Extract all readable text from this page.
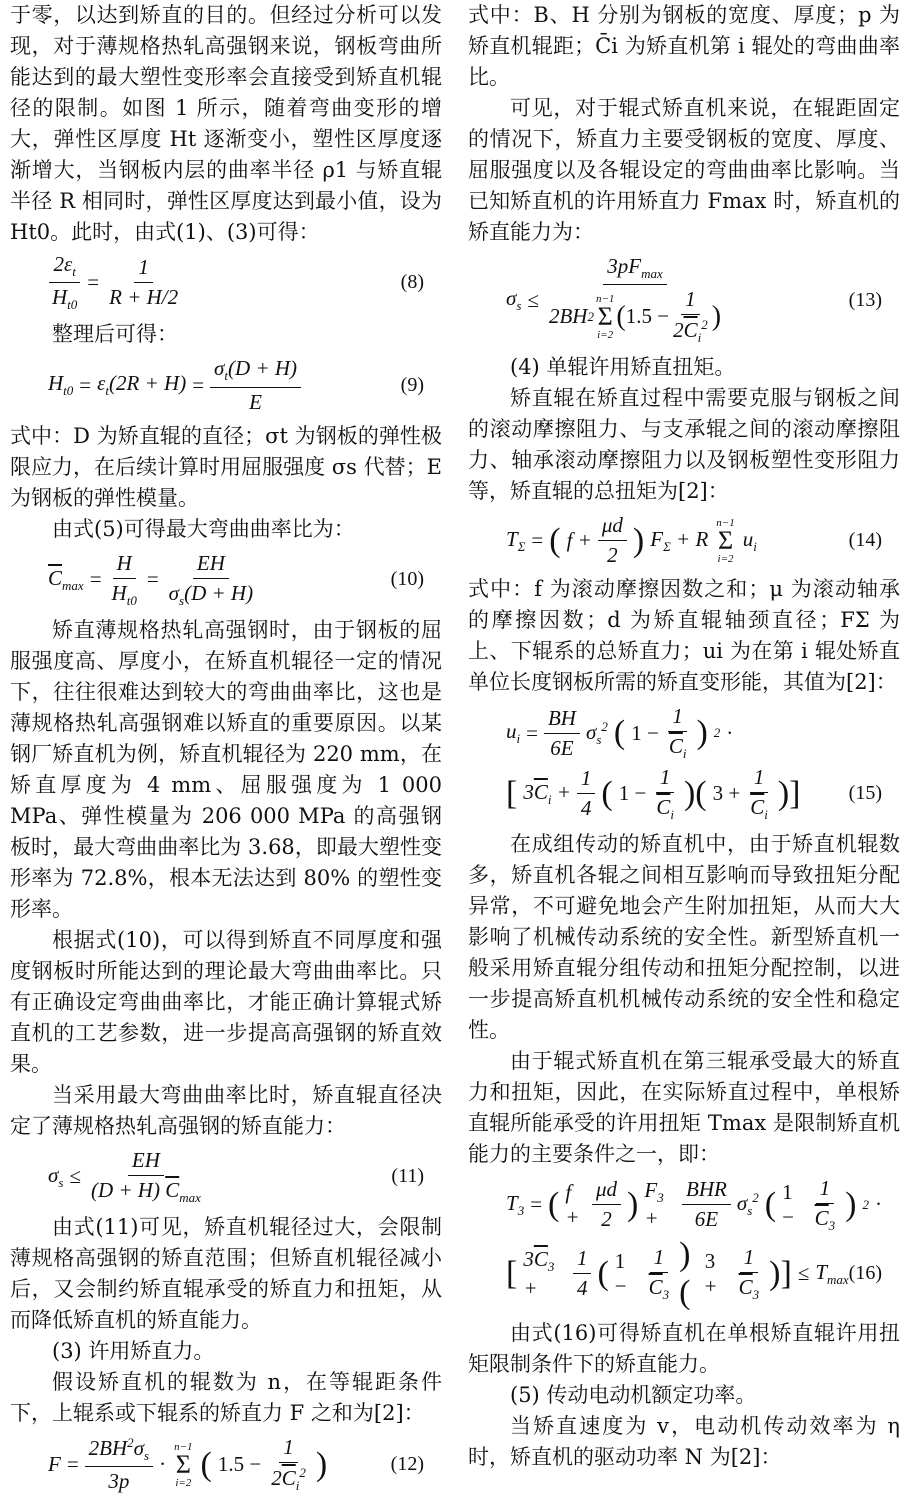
于零，以达到矫直的目的。但经过分析可以发现，对于薄规格热轧高强钢来说，钢板弯曲所能达到的最大塑性变形率会直接受到矫直机辊径的限制。如图 1 所示，随着弯曲变形的增大，弹性区厚度 Ht 逐渐变小，塑性区厚度逐渐增大，当钢板内层的曲率半径 ρ1 与矫直辊半径 R 相同时，弹性区厚度达到最小值，设为 Ht0。此时，由式(1)、(3)可得：

$\frac{2\varepsilon_t}{H_{t0}} = \frac{1}{R + H/2}$	(8)

整理后可得：

$H_{t0} = \varepsilon_t(2R + H) = \frac{\sigma_t(D + H)}{E}$	(9)

式中：D 为矫直辊的直径；σt 为钢板的弹性极限应力，在后续计算时用屈服强度 σs 代替；E 为钢板的弹性模量。

由式(5)可得最大弯曲曲率比为：

$\overline{C}_{max} = \frac{H}{H_{t0}} = \frac{EH}{\sigma_s(D + H)}$	(10)

矫直薄规格热轧高强钢时，由于钢板的屈服强度高、厚度小，在矫直机辊径一定的情况下，往往很难达到较大的弯曲曲率比，这也是薄规格热轧高强钢难以矫直的重要原因。以某钢厂矫直机为例，矫直机辊径为 220 mm，在矫直厚度为 4 mm、屈服强度为 1 000 MPa、弹性模量为 206 000 MPa 的高强钢板时，最大弯曲曲率比为 3.68，即最大塑性变形率为 72.8%，根本无法达到 80% 的塑性变形率。

根据式(10)，可以得到矫直不同厚度和强度钢板时所能达到的理论最大弯曲曲率比。只有正确设定弯曲曲率比，才能正确计算辊式矫直机的工艺参数，进一步提高高强钢的矫直效果。

当采用最大弯曲曲率比时，矫直辊直径决定了薄规格热轧高强钢的矫直能力：

$\sigma_s \le \frac{EH}{(D + H) \overline{C}_{max}}$	(11)

由式(11)可见，矫直机辊径过大，会限制薄规格高强钢的矫直范围；但矫直机辊径减小后，又会制约矫直辊承受的矫直力和扭矩，从而降低矫直机的矫直能力。

(3) 许用矫直力。

假设矫直机的辊数为 n，在等辊距条件下，上辊系或下辊系的矫直力 F 之和为[2]：

$F = \frac{2BH^2\sigma_s}{3p}$ ·
n−1
Σ
i=2 ( $1.5 - \frac{1}{2\overline{C}_i^2}$ )	(12)

式中：B、H 分别为钢板的宽度、厚度；p 为矫直机辊距；C̄i 为矫直机第 i 辊处的弯曲曲率比。

可见，对于辊式矫直机来说，在辊距固定的情况下，矫直力主要受钢板的宽度、厚度、屈服强度以及各辊设定的弯曲曲率比影响。当已知矫直机的许用矫直力 Fmax 时，矫直机的矫直能力为：

$\sigma_s$ ≤
$3pF_{max}$
2BH 2
n−1
Σ
i=2
( $1.5 - \frac{1}{2\overline{C}_i^2}$ )
(13)

(4) 单辊许用矫直扭矩。

矫直辊在矫直过程中需要克服与钢板之间的滚动摩擦阻力、与支承辊之间的滚动摩擦阻力、轴承滚动摩擦阻力以及钢板塑性变形阻力等，矫直辊的总扭矩为[2]：

$T_\Sigma$ = ( $f + \frac{\mu d}{2}$ ) $F_\Sigma + R$
n−1
Σ
i=2
$u_i$	(14)

式中：f 为滚动摩擦因数之和；μ 为滚动轴承的摩擦因数；d 为矫直辊轴颈直径；FΣ 为上、下辊系的总矫直力；ui 为在第 i 辊处矫直单位长度钢板所需的矫直变形能，其值为[2]：

$u_i = \frac{BH}{6E} \sigma_s^2$ ( $1 - \frac{1}{\overline{C}_i}$ ) 2 ·
[ $3\overline{C}_i + \frac{1}{4}$ ( $1 - \frac{1}{\overline{C}_i}$ )( $3 + \frac{1}{\overline{C}_i}$ )] (15)

在成组传动的矫直机中，由于矫直机辊数多，矫直机各辊之间相互影响而导致扭矩分配异常，不可避免地会产生附加扭矩，从而大大影响了机械传动系统的安全性。新型矫直机一般采用矫直辊分组传动和扭矩分配控制，以进一步提高矫直机机械传动系统的安全性和稳定性。

由于辊式矫直机在第三辊承受最大的矫直力和扭矩，因此，在实际矫直过程中，单根矫直辊所能承受的许用扭矩 Tmax 是限制矫直机能力的主要条件之一，即：

$T_3$ = ( $f + \frac{\mu d}{2}$ ) $F_3$ +	$\frac{\text{BHR}}{6E} \sigma_s^2$ ( $1 - \frac{1}{\overline{C}_3}$ ) 2 ·
[ $3\overline{C}_3$ +	$\frac{1}{4}$ ( $1 - \frac{1}{\overline{C}_3}$ )(
$3 + \frac{1}{\overline{C}_3}$ )] ≤ $T_{max}$ (16)

由式(16)可得矫直机在单根矫直辊许用扭矩限制条件下的矫直能力。

(5) 传动电动机额定功率。

当矫直速度为 v，电动机传动效率为 η 时，矫直机的驱动功率 N 为[2]：
